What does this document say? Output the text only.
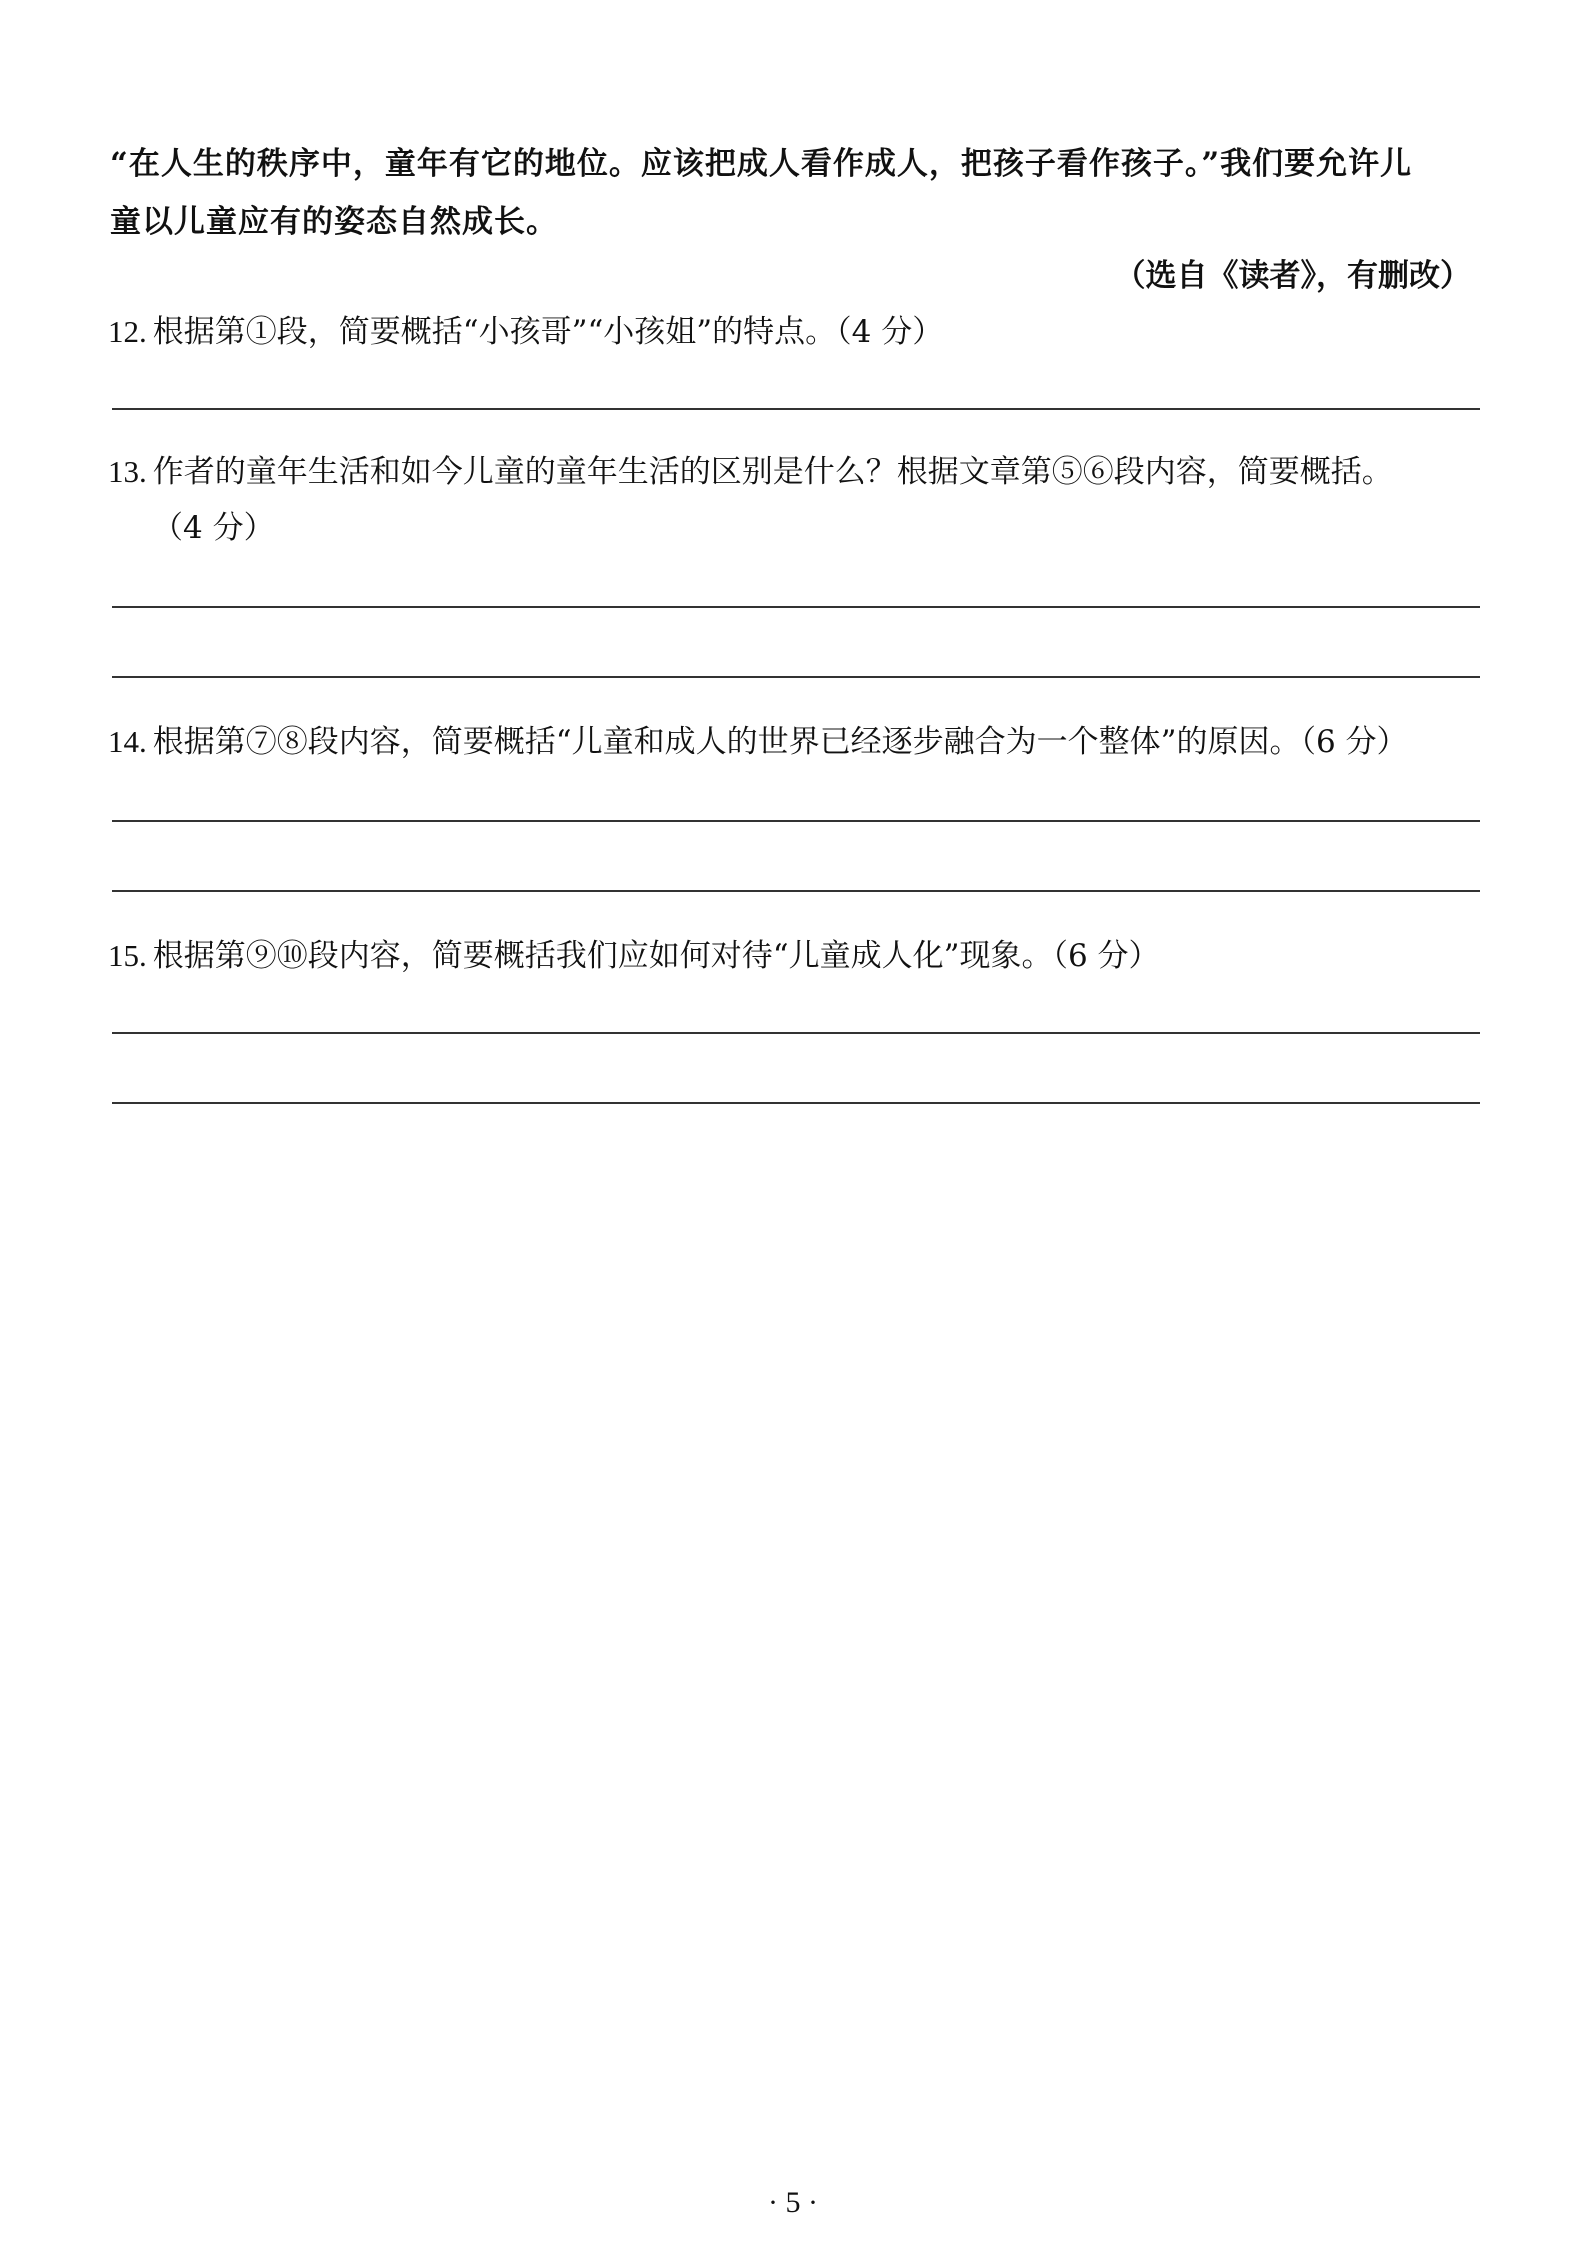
“在人生的秩序中，童年有它的地位。应该把成人看作成人，把孩子看作孩子。”我们要允许儿
童以儿童应有的姿态自然成长。
（选自《读者》，有删改）
12. 根据第①段，简要概括“小孩哥”“小孩姐”的特点。（4 分）
13. 作者的童年生活和如今儿童的童年生活的区别是什么？根据文章第⑤⑥段内容，简要概括。
（4 分）
14. 根据第⑦⑧段内容，简要概括“儿童和成人的世界已经逐步融合为一个整体”的原因。（6 分）
15. 根据第⑨⑩段内容，简要概括我们应如何对待“儿童成人化”现象。（6 分）
· 5 ·
